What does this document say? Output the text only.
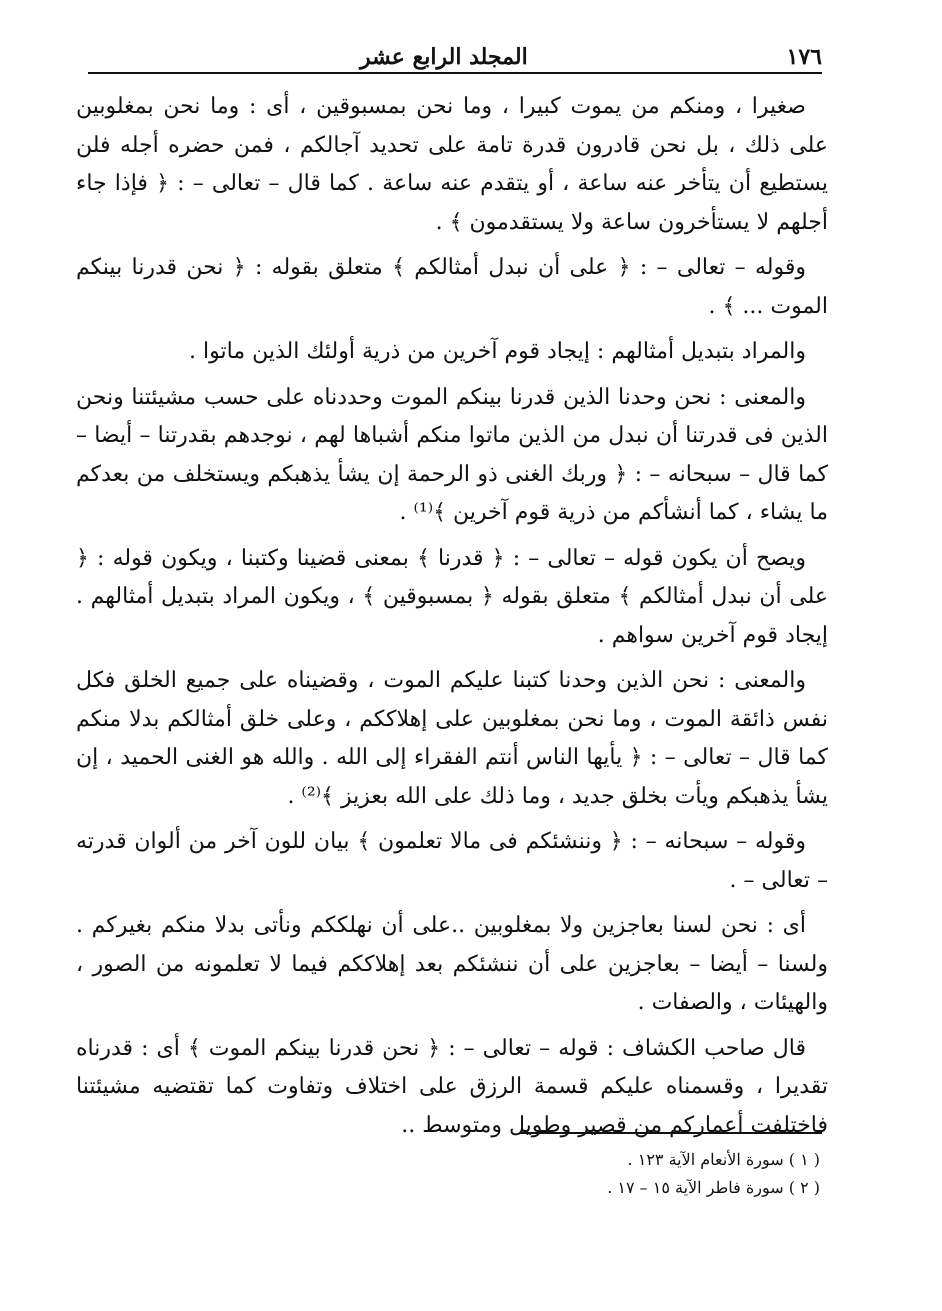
١٧٦
المجلد الرابع عشر

صغيرا ، ومنكم من يموت كبيرا ، وما نحن بمسبوقين ، أى : وما نحن بمغلوبين على ذلك ، بل نحن قادرون قدرة تامة على تحديد آجالكم ، فمن حضره أجله فلن يستطيع أن يتأخر عنه ساعة ، أو يتقدم عنه ساعة . كما قال – تعالى – : ﴿ فإذا جاء أجلهم لا يستأخرون ساعة ولا يستقدمون ﴾ .

وقوله – تعالى – : ﴿ على أن نبدل أمثالكم ﴾ متعلق بقوله : ﴿ نحن قدرنا بينكم الموت ... ﴾ .

والمراد بتبديل أمثالهم : إيجاد قوم آخرين من ذرية أولئك الذين ماتوا .

والمعنى : نحن وحدنا الذين قدرنا بينكم الموت وحددناه على حسب مشيئتنا ونحن الذين فى قدرتنا أن نبدل من الذين ماتوا منكم أشباها لهم ، نوجدهم بقدرتنا – أيضا – كما قال – سبحانه – : ﴿ وربك الغنى ذو الرحمة إن يشأ يذهبكم ويستخلف من بعدكم ما يشاء ، كما أنشأكم من ذرية قوم آخرين ﴾⁽¹⁾ .

ويصح أن يكون قوله – تعالى – : ﴿ قدرنا ﴾ بمعنى قضينا وكتبنا ، ويكون قوله : ﴿ على أن نبدل أمثالكم ﴾ متعلق بقوله ﴿ بمسبوقين ﴾ ، ويكون المراد بتبديل أمثالهم . إيجاد قوم آخرين سواهم .

والمعنى : نحن الذين وحدنا كتبنا عليكم الموت ، وقضيناه على جميع الخلق فكل نفس ذائقة الموت ، وما نحن بمغلوبين على إهلاككم ، وعلى خلق أمثالكم بدلا منكم كما قال – تعالى – : ﴿ يأيها الناس أنتم الفقراء إلى الله . والله هو الغنى الحميد ، إن يشأ يذهبكم ويأت بخلق جديد ، وما ذلك على الله بعزيز ﴾⁽²⁾ .

وقوله – سبحانه – : ﴿ وننشئكم فى مالا تعلمون ﴾ بيان للون آخر من ألوان قدرته – تعالى – .

أى : نحن لسنا بعاجزين ولا بمغلوبين ..على أن نهلككم ونأتى بدلا منكم بغيركم . ولسنا – أيضا – بعاجزين على أن ننشئكم بعد إهلاككم فيما لا تعلمونه من الصور ، والهيئات ، والصفات .

قال صاحب الكشاف : قوله – تعالى – : ﴿ نحن قدرنا بينكم الموت ﴾ أى : قدرناه تقديرا ، وقسمناه عليكم قسمة الرزق على اختلاف وتفاوت كما تقتضيه مشيئتنا فاختلفت أعماركم من قصير وطويل ومتوسط ..

( ١ ) سورة الأنعام الآية ١٢٣ .
( ٢ ) سورة فاطر الآية ١٥ – ١٧ .
